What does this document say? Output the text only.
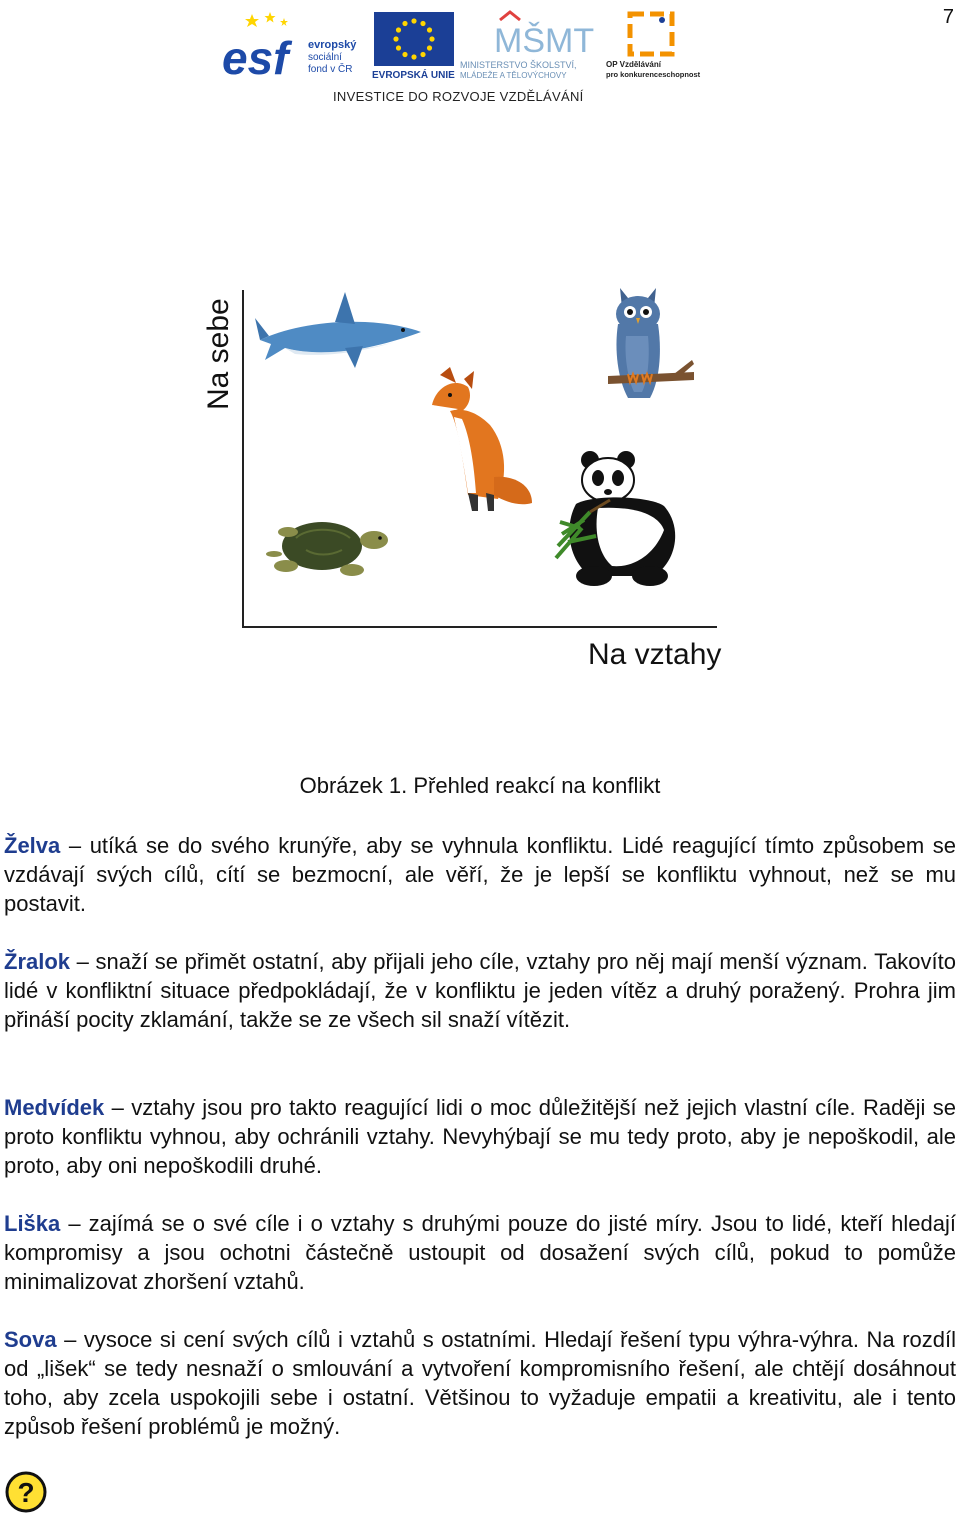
7
esf	evropský
sociální
fond v ČR
EVROPSKÁ UNIE
MŠMT
MINISTERSTVO ŠKOLSTVÍ,
MLÁDEŽE A TĚLOVÝCHOVY
OP Vzdělávání
pro konkurenceschopnost
INVESTICE DO ROZVOJE VZDĚLÁVÁNÍ
Na sebe
Na vztahy
Obrázek 1. Přehled reakcí na konflikt

Želva – utíká se do svého krunýře, aby se vyhnula konfliktu. Lidé reagující tímto způsobem se vzdávají svých cílů, cítí se bezmocní, ale věří, že je lepší se konfliktu vyhnout, než se mu postavit.

Žralok – snaží se přimět ostatní, aby přijali jeho cíle, vztahy pro něj mají menší význam. Takovíto lidé v konfliktní situace předpokládají, že v konfliktu je jeden vítěz a druhý poražený. Prohra jim přináší pocity zklamání, takže se ze všech sil snaží vítězit.

Medvídek – vztahy jsou pro takto reagující lidi o moc důležitější než jejich vlastní cíle. Raději se proto konfliktu vyhnou, aby ochránili vztahy. Nevyhýbají se mu tedy proto, aby je nepoškodil, ale proto, aby oni nepoškodili druhé.

Liška – zajímá se o své cíle i o vztahy s druhými pouze do jisté míry. Jsou to lidé, kteří hledají kompromisy a jsou ochotni částečně ustoupit od dosažení svých cílů, pokud to pomůže minimalizovat zhoršení vztahů.

Sova – vysoce si cení svých cílů i vztahů s ostatními. Hledají řešení typu výhra-výhra. Na rozdíl od „lišek“ se tedy nesnaží o smlouvání a vytvoření kompromisního řešení, ale chtějí dosáhnout toho, aby zcela uspokojili sebe i ostatní. Většinou to vyžaduje empatii a kreativitu, ale i tento způsob řešení problémů je možný.

?
